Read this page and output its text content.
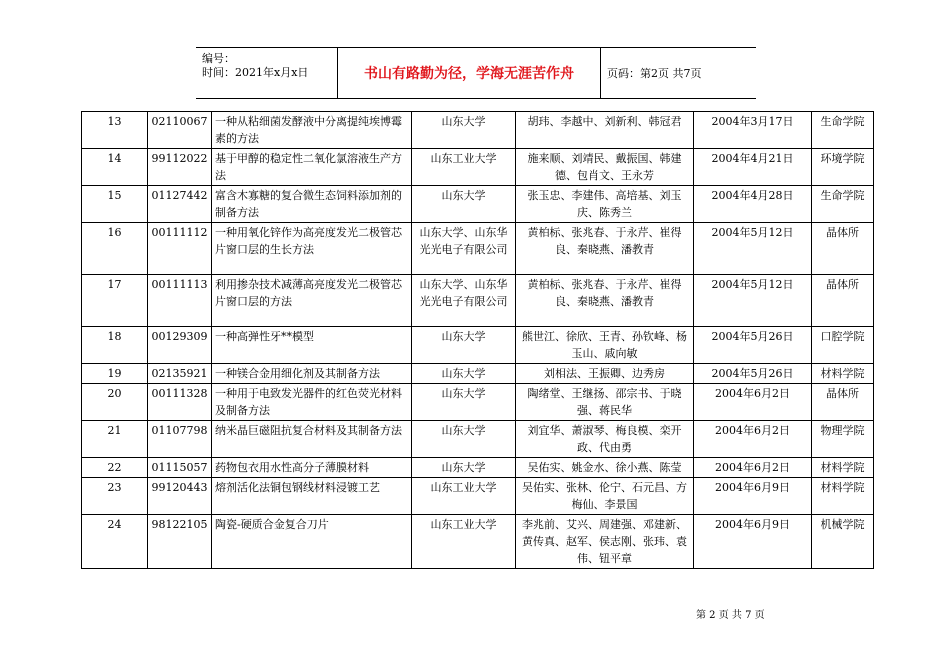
编号：
时间：2021年x月x日	书山有路勤为径，学海无涯苦作舟	页码：第2页 共7页
13	02110067	一种从粘细菌发酵液中分离提纯埃博霉素的方法	山东大学	胡玮、李越中、刘新利、韩冠君	2004年3月17日	生命学院
14	99112022	基于甲醇的稳定性二氧化氯溶液生产方法	山东工业大学	施来顺、刘靖民、戴振国、韩建德、包肖文、王永芳	2004年4月21日	环境学院
15	01127442	富含木寡糖的复合微生态饲料添加剂的制备方法	山东大学	张玉忠、李建伟、高培基、刘玉庆、陈秀兰	2004年4月28日	生命学院
16	00111112	一种用氧化锌作为高亮度发光二极管芯片窗口层的生长方法	山东大学、山东华光光电子有限公司	黄柏标、张兆春、于永芹、崔得良、秦晓燕、潘教青	2004年5月12日	晶体所
17	00111113	利用掺杂技术减薄高亮度发光二极管芯片窗口层的方法	山东大学、山东华光光电子有限公司	黄柏标、张兆春、于永芹、崔得良、秦晓燕、潘教青	2004年5月12日	晶体所
18	00129309	一种高弹性牙**模型	山东大学	熊世江、徐欣、王青、孙钦峰、杨玉山、戚向敏	2004年5月26日	口腔学院
19	02135921	一种镁合金用细化剂及其制备方法	山东大学	刘相法、王振卿、边秀房	2004年5月26日	材料学院
20	00111328	一种用于电致发光器件的红色荧光材料及制备方法	山东大学	陶绪堂、王继扬、邵宗书、于晓强、蒋民华	2004年6月2日	晶体所
21	01107798	纳米晶巨磁阻抗复合材料及其制备方法	山东大学	刘宜华、萧淑琴、梅良模、栾开政、代由勇	2004年6月2日	物理学院
22	01115057	药物包衣用水性高分子薄膜材料	山东大学	吴佑实、姚金水、徐小燕、陈莹	2004年6月2日	材料学院
23	99120443	熔剂活化法铜包钢线材料浸镀工艺	山东工业大学	吴佑实、张林、伦宁、石元昌、方梅仙、李景国	2004年6月9日	材料学院
24	98122105	陶瓷-硬质合金复合刀片	山东工业大学	李兆前、艾兴、周建强、邓建新、黄传真、赵军、侯志刚、张玮、袁伟、钮平章	2004年6月9日	机械学院
第 2 页 共 7 页
